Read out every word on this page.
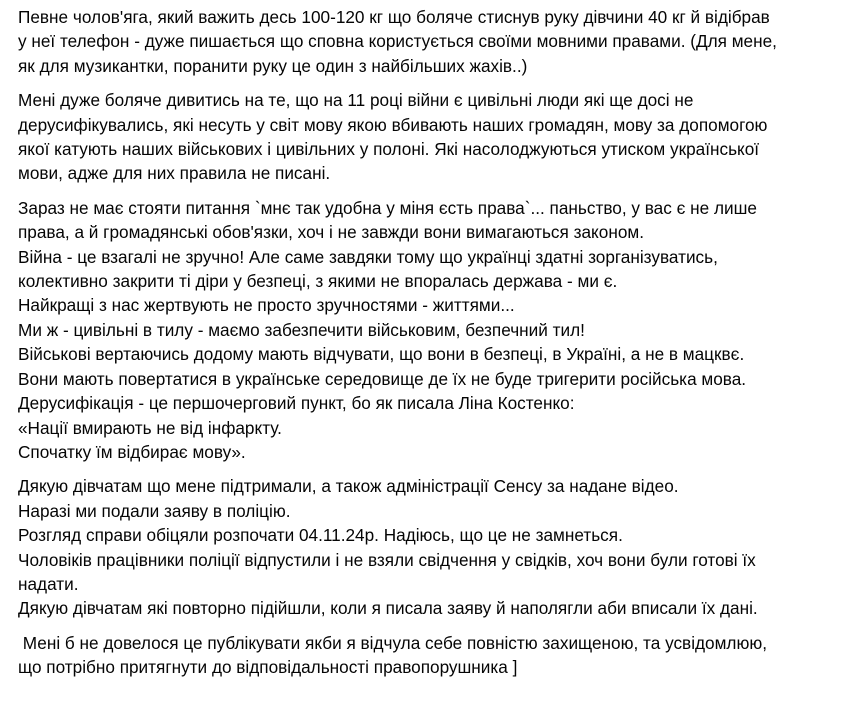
Певне чолов'яга, який важить десь 100-120 кг що боляче стиснув руку дівчини 40 кг й відібрав
у неї телефон - дуже пишається що сповна користується своїми мовними правами. (Для мене,
як для музикантки, поранити руку це один з найбільших жахів..)
Мені дуже боляче дивитись на те, що на 11 році війни є цивільні люди які ще досі не
дерусифікувались, які несуть у світ мову якою вбивають наших громадян, мову за допомогою
якої катують наших військових і цивільних у полоні. Які насолоджуються утиском української
мови, адже для них правила не писані.
Зараз не має стояти питання `мнє так удобна у міня єсть права`... паньство, у вас є не лише
права, а й громадянські обов'язки, хоч і не завжди вони вимагаються законом.
Війна - це взагалі не зручно! Але саме завдяки тому що українці здатні зорганізуватись,
колективно закрити ті діри у безпеці, з якими не впоралась держава - ми є.
Найкращі з нас жертвують не просто зручностями - життями...
Ми ж - цивільні в тилу - маємо забезпечити військовим, безпечний тил!
Військові вертаючись додому мають відчувати, що вони в безпеці, в Україні, а не в мацквє.
Вони мають повертатися в українське середовище де їх не буде тригерити російська мова.
Дерусифікація - це першочерговий пункт, бо як писала Ліна Костенко:
«Нації вмирають не від інфаркту.
Спочатку їм відбирає мову».
Дякую дівчатам що мене підтримали, а також адміністрації Сенсу за надане відео.
Наразі ми подали заяву в поліцію.
Розгляд справи обіцяли розпочати 04.11.24р. Надіюсь, що це не замнеться.
Чоловіків працівники поліції відпустили і не взяли свідчення у свідків, хоч вони були готові їх
надати.
Дякую дівчатам які повторно підійшли, коли я писала заяву й наполягли аби вписали їх дані.
Мені б не довелося це публікувати якби я відчула себе повністю захищеною, та усвідомлюю,
що потрібно притягнути до відповідальності правопорушника ]
